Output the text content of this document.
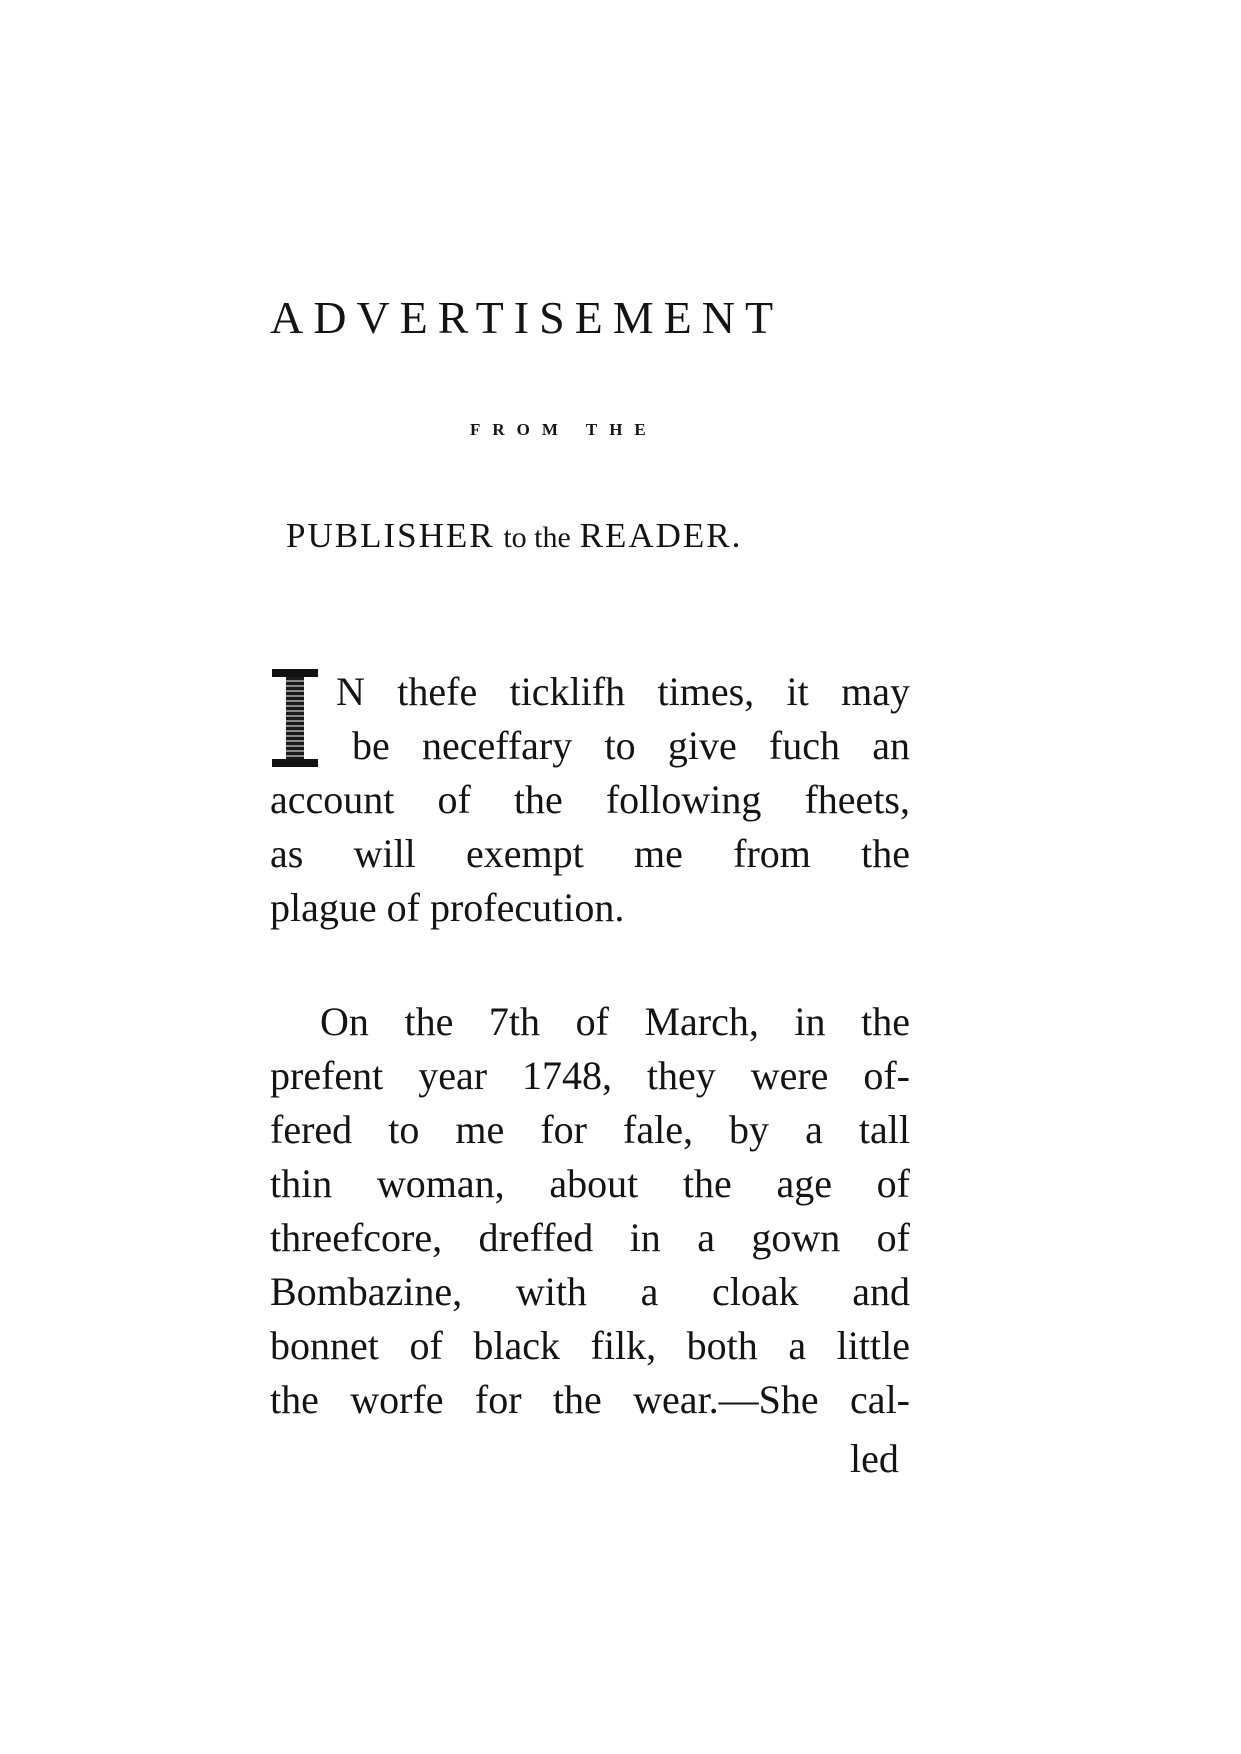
ADVERTISEMENT
FROM THE
PUBLISHER to the READER.
N thefe ticklifh times, it may
be neceffary to give fuch an
account of the following fheets,
as will exempt me from the
plague of profecution.
On the 7th of March, in the
prefent year 1748, they were of-
fered to me for fale, by a tall
thin woman, about the age of
threefcore, dreffed in a gown of
Bombazine, with a cloak and
bonnet of black filk, both a little
the worfe for the wear.—She cal-
led
